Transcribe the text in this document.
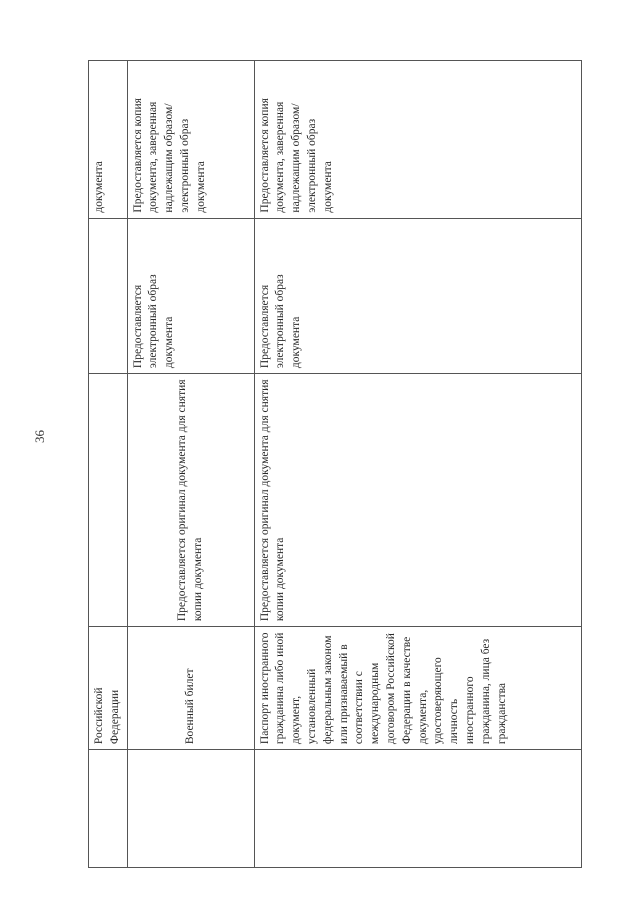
36
	Российской Федерации			документа
	Военный билет	Предоставляется оригинал документа для снятия копии документа	Предоставляется электронный образ документа	Предоставляется копия документа, заверенная надлежащим образом/электронный образ документа
	Паспорт иностранного гражданина либо иной документ, установленный федеральным законом или признаваемый в соответствии с международным договором Российской Федерации в качестве документа, удостоверяющего личность иностранного гражданина, лица без гражданства	Предоставляется оригинал документа для снятия копии документа	Предоставляется электронный образ документа	Предоставляется копия документа, заверенная надлежащим образом/электронный образ документа
